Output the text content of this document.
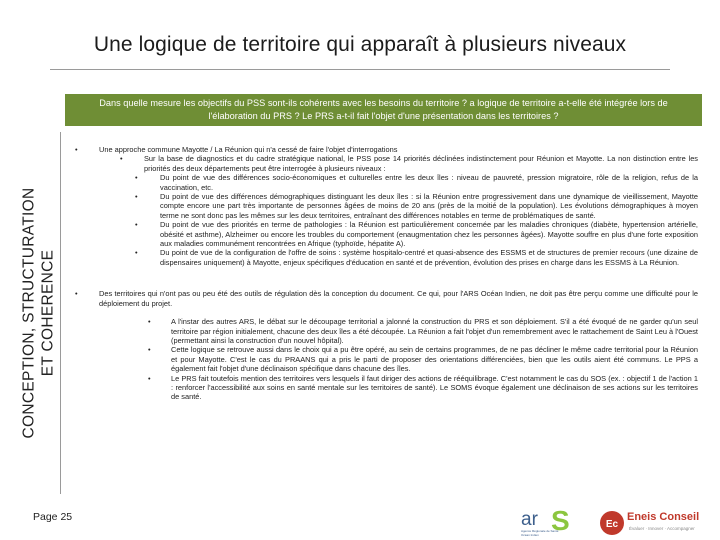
Une logique de territoire qui apparaît à plusieurs niveaux
Dans quelle mesure les objectifs du PSS sont-ils cohérents avec les besoins du territoire ? a logique de territoire a-t-elle été intégrée lors de l'élaboration du PRS ? Le PRS a-t-il fait l'objet d'une présentation dans les territoires ?
CONCEPTION, STRUCTURATION ET COHERENCE
•	Une approche commune Mayotte / La Réunion qui n'a cessé de faire l'objet d'interrogations
•	Sur la base de diagnostics et du cadre stratégique national, le PSS pose 14 priorités déclinées indistinctement pour Réunion et Mayotte. La non distinction entre les priorités des deux départements peut être interrogée à plusieurs niveaux :
•	Du point de vue des différences socio-économiques et culturelles entre les deux îles : niveau de pauvreté, pression migratoire, rôle de la religion, refus de la vaccination, etc.
•	Du point de vue des différences démographiques distinguant les deux îles : si la Réunion entre progressivement dans une dynamique de vieillissement, Mayotte compte encore une part très importante de personnes âgées de moins de 20 ans (près de la moitié de la population). Les évolutions démographiques à moyen terme ne sont donc pas les mêmes sur les deux territoires, entraînant des différences notables en terme de problématiques de santé.
•	Du point de vue des priorités en terme de pathologies : la Réunion est particulièrement concernée par les maladies chroniques (diabète, hypertension artérielle, obésité et asthme), Alzheimer ou encore les troubles du comportement (enaugmentation chez les personnes âgées). Mayotte souffre en plus d'une forte exposition aux maladies communément rencontrées en Afrique (typhoïde, hépatite A).
•	Du point de vue de la configuration de l'offre de soins : système hospitalo-centré et quasi-absence des ESSMS et de structures de premier recours (une dizaine de dispensaires uniquement) à Mayotte, enjeux spécifiques d'éducation en santé et de prévention, évolution des prises en charge dans les ESSMS à La Réunion.
•	Des territoires qui n'ont pas ou peu été des outils de régulation dès la conception du document. Ce qui, pour l'ARS Océan Indien, ne doit pas être perçu comme une difficulté pour le déploiement du projet.
•	A l'instar des autres ARS, le débat sur le découpage territorial a jalonné la construction du PRS et son déploiement. S'il a été évoqué de ne garder qu'un seul territoire par région initialement, chacune des deux îles a été découpée. La Réunion a fait l'objet d'un remembrement avec le rattachement de Saint Leu à l'Ouest (permettant ainsi la construction d'un nouvel hôpital).
•	Cette logique se retrouve aussi dans le choix qui a pu être opéré, au sein de certains programmes, de ne pas décliner le même cadre territorial pour la Réunion et pour Mayotte. C'est le cas du PRAANS qui a pris le parti de proposer des orientations différenciées, bien que les outils aient été communs. Le PPS a également fait l'objet d'une déclinaison spécifique dans chacune des îles.
•	Le PRS fait toutefois mention des territoires vers lesquels il faut diriger des actions de rééquilibrage. C'est notamment le cas du SOS (ex. : objectif 1 de l'action 1 : renforcer l'accessibilité aux soins en santé mentale sur les territoires de santé). Le SOMS évoque également une déclinaison de ses actions sur les territoires de santé.
Page 25	ar S
Agence Régionale de Santé
Océan Indien
Ec
Eneis Conseil
Évaluer · Innover · Accompagner
